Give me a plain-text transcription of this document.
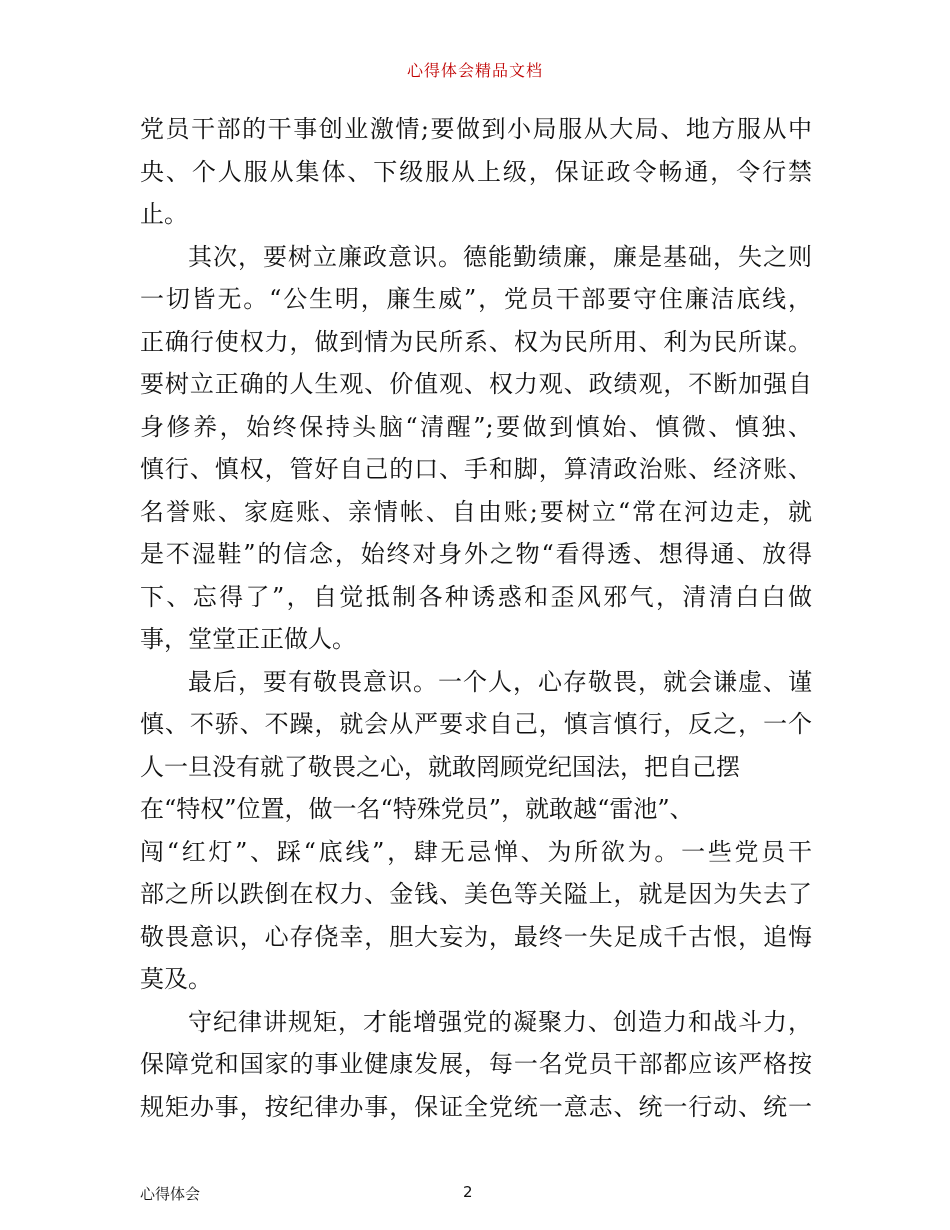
心得体会精品文档
党员干部的干事创业激情;要做到小局服从大局、地方服从中
央、个人服从集体、下级服从上级，保证政令畅通，令行禁
止。
其次，要树立廉政意识。德能勤绩廉，廉是基础，失之则
一切皆无。“公生明，廉生威”，党员干部要守住廉洁底线，
正确行使权力，做到情为民所系、权为民所用、利为民所谋。
要树立正确的人生观、价值观、权力观、政绩观，不断加强自
身修养，始终保持头脑“清醒”;要做到慎始、慎微、慎独、
慎行、慎权，管好自己的口、手和脚，算清政治账、经济账、
名誉账、家庭账、亲情帐、自由账;要树立“常在河边走，就
是不湿鞋”的信念，始终对身外之物“看得透、想得通、放得
下、忘得了”，自觉抵制各种诱惑和歪风邪气，清清白白做
事，堂堂正正做人。
最后，要有敬畏意识。一个人，心存敬畏，就会谦虚、谨
慎、不骄、不躁，就会从严要求自己，慎言慎行，反之，一个
人一旦没有就了敬畏之心，就敢罔顾党纪国法，把自己摆
在“特权”位置，做一名“特殊党员”，就敢越“雷池”、
闯“红灯”、踩“底线”，肆无忌惮、为所欲为。一些党员干
部之所以跌倒在权力、金钱、美色等关隘上，就是因为失去了
敬畏意识，心存侥幸，胆大妄为，最终一失足成千古恨，追悔
莫及。
守纪律讲规矩，才能增强党的凝聚力、创造力和战斗力，
保障党和国家的事业健康发展，每一名党员干部都应该严格按
规矩办事，按纪律办事，保证全党统一意志、统一行动、统一
心得体会	2
